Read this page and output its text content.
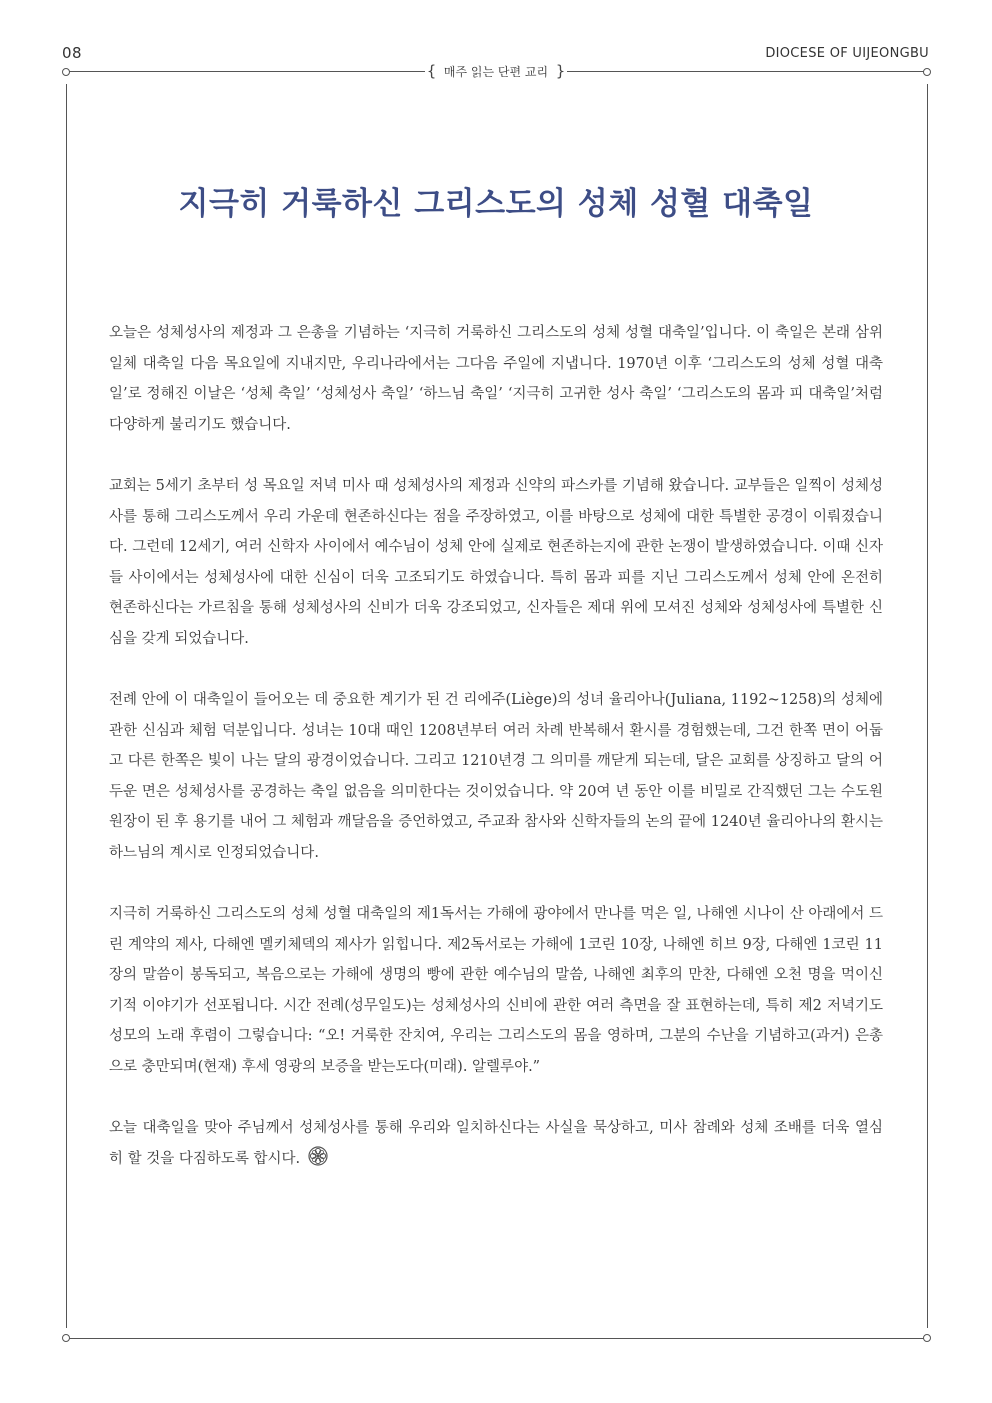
08	DIOCESE OF UIJEONGBU
{ 매주 읽는 단편 교리 }
지극히 거룩하신 그리스도의 성체 성혈 대축일

오늘은 성체성사의 제정과 그 은총을 기념하는 ‘지극히 거룩하신 그리스도의 성체 성혈 대축일’입니다. 이 축일은 본래 삼위일체 대축일 다음 목요일에 지내지만, 우리나라에서는 그다음 주일에 지냅니다. 1970년 이후 ‘그리스도의 성체 성혈 대축일’로 정해진 이날은 ‘성체 축일’ ‘성체성사 축일’ ‘하느님 축일’ ‘지극히 고귀한 성사 축일’ ‘그리스도의 몸과 피 대축일’처럼 다양하게 불리기도 했습니다.

교회는 5세기 초부터 성 목요일 저녁 미사 때 성체성사의 제정과 신약의 파스카를 기념해 왔습니다. 교부들은 일찍이 성체성사를 통해 그리스도께서 우리 가운데 현존하신다는 점을 주장하였고, 이를 바탕으로 성체에 대한 특별한 공경이 이뤄졌습니다. 그런데 12세기, 여러 신학자 사이에서 예수님이 성체 안에 실제로 현존하는지에 관한 논쟁이 발생하였습니다. 이때 신자들 사이에서는 성체성사에 대한 신심이 더욱 고조되기도 하였습니다. 특히 몸과 피를 지닌 그리스도께서 성체 안에 온전히 현존하신다는 가르침을 통해 성체성사의 신비가 더욱 강조되었고, 신자들은 제대 위에 모셔진 성체와 성체성사에 특별한 신심을 갖게 되었습니다.

전례 안에 이 대축일이 들어오는 데 중요한 계기가 된 건 리에주(Liège)의 성녀 율리아나(Juliana, 1192~1258)의 성체에 관한 신심과 체험 덕분입니다. 성녀는 10대 때인 1208년부터 여러 차례 반복해서 환시를 경험했는데, 그건 한쪽 면이 어둡고 다른 한쪽은 빛이 나는 달의 광경이었습니다. 그리고 1210년경 그 의미를 깨닫게 되는데, 달은 교회를 상징하고 달의 어두운 면은 성체성사를 공경하는 축일 없음을 의미한다는 것이었습니다. 약 20여 년 동안 이를 비밀로 간직했던 그는 수도원 원장이 된 후 용기를 내어 그 체험과 깨달음을 증언하였고, 주교좌 참사와 신학자들의 논의 끝에 1240년 율리아나의 환시는 하느님의 계시로 인정되었습니다.

지극히 거룩하신 그리스도의 성체 성혈 대축일의 제1독서는 가해에 광야에서 만나를 먹은 일, 나해엔 시나이 산 아래에서 드린 계약의 제사, 다해엔 멜키체덱의 제사가 읽힙니다. 제2독서로는 가해에 1코린 10장, 나해엔 히브 9장, 다해엔 1코린 11장의 말씀이 봉독되고, 복음으로는 가해에 생명의 빵에 관한 예수님의 말씀, 나해엔 최후의 만찬, 다해엔 오천 명을 먹이신 기적 이야기가 선포됩니다. 시간 전례(성무일도)는 성체성사의 신비에 관한 여러 측면을 잘 표현하는데, 특히 제2 저녁기도 성모의 노래 후렴이 그렇습니다: “오! 거룩한 잔치여, 우리는 그리스도의 몸을 영하며, 그분의 수난을 기념하고(과거) 은총으로 충만되며(현재) 후세 영광의 보증을 받는도다(미래). 알렐루야.”

오늘 대축일을 맞아 주님께서 성체성사를 통해 우리와 일치하신다는 사실을 묵상하고, 미사 참례와 성체 조배를 더욱 열심히 할 것을 다짐하도록 합시다.
